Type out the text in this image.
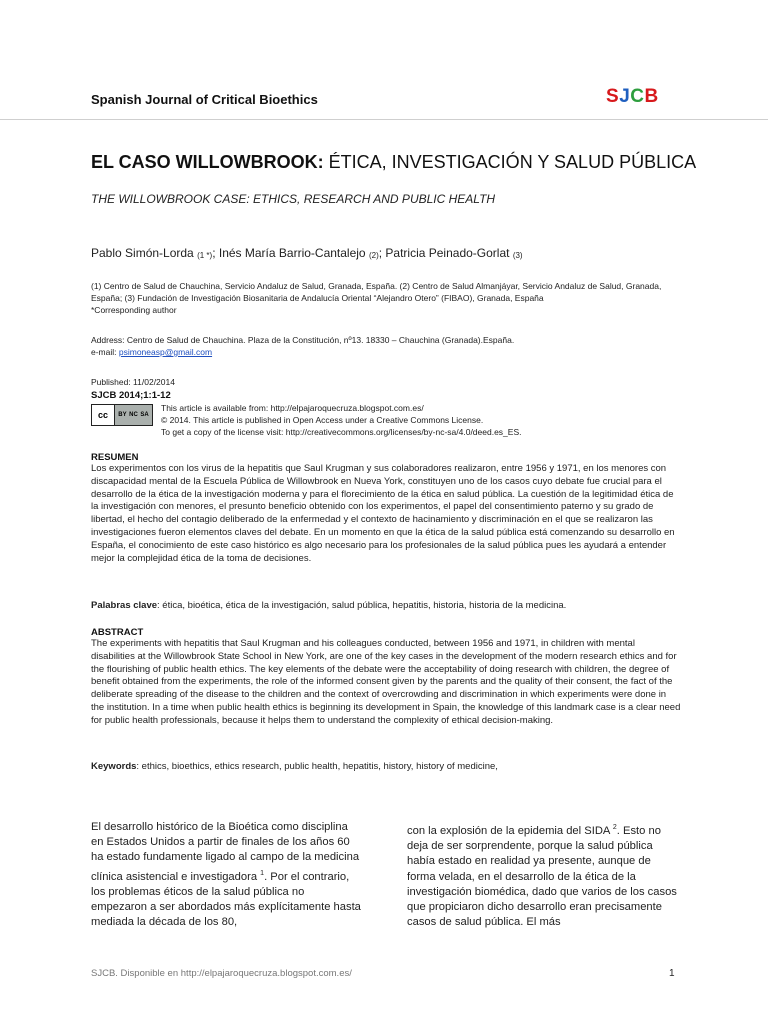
Spanish Journal of Critical Bioethics	SJCB
EL CASO WILLOWBROOK: ÉTICA, INVESTIGACIÓN Y SALUD PÚBLICA
THE WILLOWBROOK CASE: ETHICS, RESEARCH AND PUBLIC HEALTH
Pablo Simón-Lorda $_{(1 *)}$; Inés María Barrio-Cantalejo $_{(2)}$; Patricia Peinado-Gorlat $_{(3)}$
(1) Centro de Salud de Chauchina, Servicio Andaluz de Salud, Granada, España. (2) Centro de Salud Almanjáyar, Servicio Andaluz de Salud, Granada, España; (3) Fundación de Investigación Biosanitaria de Andalucía Oriental “Alejandro Otero” (FIBAO), Granada, España
*Corresponding author
Address: Centro de Salud de Chauchina. Plaza de la Constitución, nº13. 18330 – Chauchina (Granada).España.
e-mail: psimoneasp@gmail.com
Published: 11/02/2014
SJCB 2014;1:1-12
cc	BY NC SA
This article is available from: http://elpajaroquecruza.blogspot.com.es/
© 2014. This article is published in Open Access under a Creative Commons License.
To get a copy of the license visit: http://creativecommons.org/licenses/by-nc-sa/4.0/deed.es_ES.
RESUMEN
Los experimentos con los virus de la hepatitis que Saul Krugman y sus colaboradores realizaron, entre 1956 y 1971, en los menores con discapacidad mental de la Escuela Pública de Willowbrook en Nueva York, constituyen uno de los casos cuyo debate fue crucial para el desarrollo de la ética de la investigación moderna y para el florecimiento de la ética en salud pública. La cuestión de la legitimidad ética de la investigación con menores, el presunto beneficio obtenido con los experimentos, el papel del consentimiento paterno y su grado de libertad, el hecho del contagio deliberado de la enfermedad y el contexto de hacinamiento y discriminación en el que se realizaron las investigaciones fueron elementos claves del debate. En un momento en que la ética de la salud pública está comenzando su desarrollo en España, el conocimiento de este caso histórico es algo necesario para los profesionales de la salud pública pues les ayudará a entender mejor la complejidad ética de la toma de decisiones.
Palabras clave: ética, bioética, ética de la investigación, salud pública, hepatitis, historia, historia de la medicina.
ABSTRACT
The experiments with hepatitis that Saul Krugman and his colleagues conducted, between 1956 and 1971, in children with mental disabilities at the Willowbrook State School in New York, are one of the key cases in the development of the modern research ethics and for the flourishing of public health ethics. The key elements of the debate were the acceptability of doing research with children, the degree of benefit obtained from the experiments, the role of the informed consent given by the parents and the quality of their consent, the fact of the deliberate spreading of the disease to the children and the context of overcrowding and discrimination in which experiments were done in the institution. In a time when public health ethics is beginning its development in Spain, the knowledge of this landmark case is a clear need for public health professionals, because it helps them to understand the complexity of ethical decision-making.
Keywords: ethics, bioethics, ethics research, public health, hepatitis, history, history of medicine,
El desarrollo histórico de la Bioética como disciplina en Estados Unidos a partir de finales de los años 60 ha estado fundamente ligado al campo de la medicina clínica asistencial e investigadora $^1$. Por el contrario, los problemas éticos de la salud pública no empezaron a ser abordados más explícitamente hasta mediada la década de los 80,
con la explosión de la epidemia del SIDA $^2$. Esto no deja de ser sorprendente, porque la salud pública había estado en realidad ya presente, aunque de forma velada, en el desarrollo de la ética de la investigación biomédica, dado que varios de los casos que propiciaron dicho desarrollo eran precisamente casos de salud pública. El más
SJCB. Disponible en http://elpajaroquecruza.blogspot.com.es/	1
